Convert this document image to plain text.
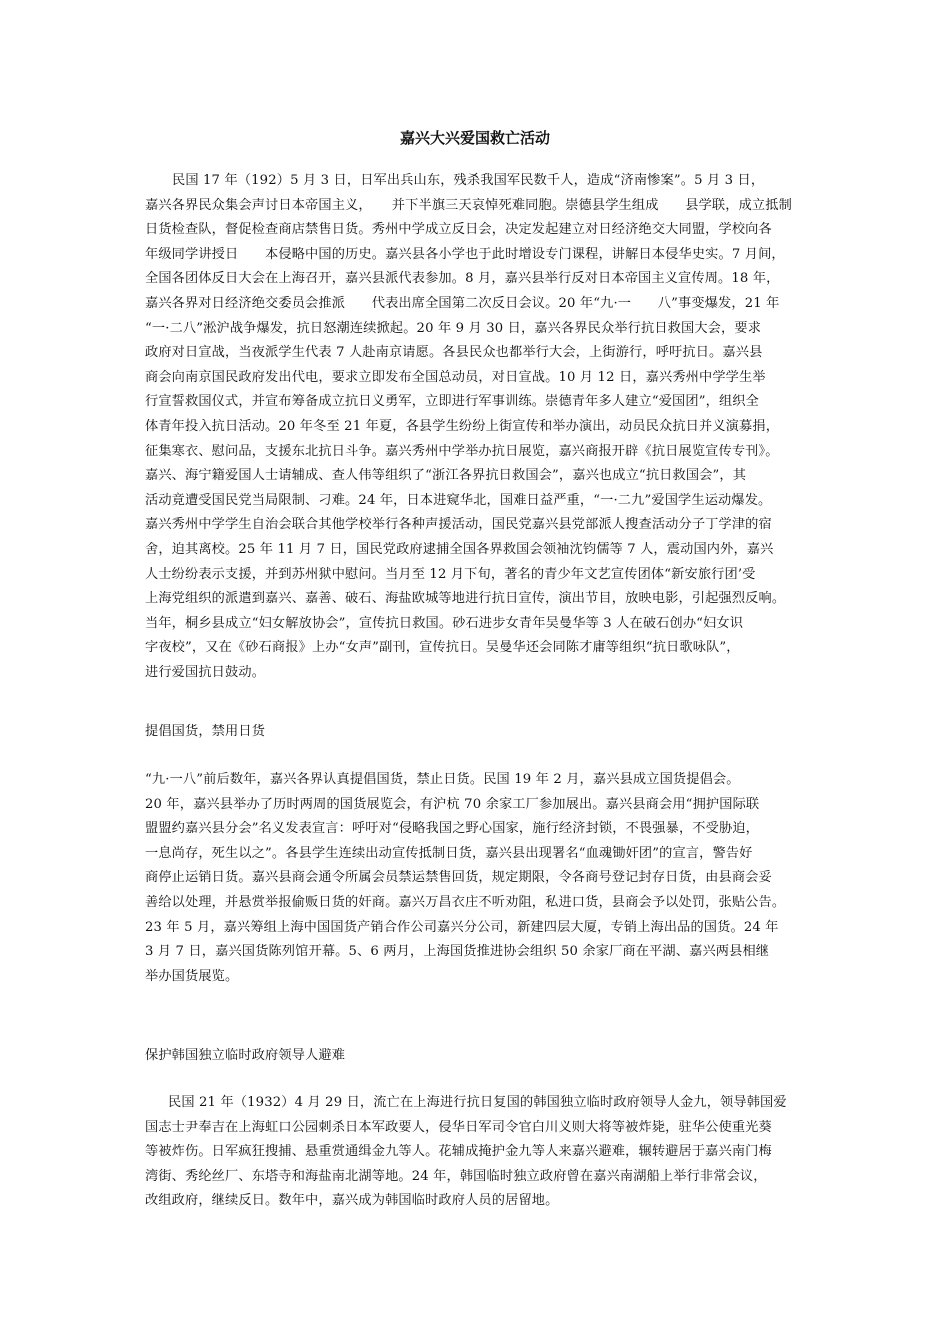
嘉兴大兴爱国救亡活动
民国 17 年（192）5 月 3 日，日军出兵山东，残杀我国军民数千人，造成“济南惨案”。5 月 3 日，
嘉兴各界民众集会声讨日本帝国主义，　　并下半旗三天哀悼死难同胞。崇德县学生组成　　县学联，成立抵制
日货检查队，督促检查商店禁售日货。秀州中学成立反日会，决定发起建立对日经济绝交大同盟，学校向各
年级同学讲授日　　本侵略中国的历史。嘉兴县各小学也于此时增设专门课程，讲解日本侵华史实。7 月间，
全国各团体反日大会在上海召开，嘉兴县派代表参加。8 月，嘉兴县举行反对日本帝国主义宣传周。18 年，
嘉兴各界对日经济绝交委员会推派　　代表出席全国第二次反日会议。20 年“九·一　　八”事变爆发，21 年
“一·二八”淞沪战争爆发，抗日怒潮连续掀起。20 年 9 月 30 日，嘉兴各界民众举行抗日救国大会，要求
政府对日宣战，当夜派学生代表 7 人赴南京请愿。各县民众也都举行大会，上街游行，呼吁抗日。嘉兴县
商会向南京国民政府发出代电，要求立即发布全国总动员，对日宣战。10 月 12 日，嘉兴秀州中学学生举
行宣誓救国仪式，并宣布筹备成立抗日义勇军，立即进行军事训练。崇德青年多人建立“爱国团”，组织全
体青年投入抗日活动。20 年冬至 21 年夏，各县学生纷纷上街宣传和举办演出，动员民众抗日并义演募捐，
征集寒衣、慰问品，支援东北抗日斗争。嘉兴秀州中学举办抗日展览，嘉兴商报开辟《抗日展览宣传专刊》。
嘉兴、海宁籍爱国人士请辅成、查人伟等组织了“浙江各界抗日救国会”，嘉兴也成立“抗日救国会”，其
活动竟遭受国民党当局限制、刁难。24 年，日本进窥华北，国难日益严重，“一·二九”爱国学生运动爆发。
嘉兴秀州中学学生自治会联合其他学校举行各种声援活动，国民党嘉兴县党部派人搜查活动分子丁学津的宿
舍，迫其离校。25 年 11 月 7 日，国民党政府逮捕全国各界救国会领袖沈钧儒等 7 人，震动国内外，嘉兴
人士纷纷表示支援，并到苏州狱中慰问。当月至 12 月下旬，著名的青少年文艺宣传团体“新安旅行团’受
上海党组织的派遣到嘉兴、嘉善、破石、海盐欧城等地进行抗日宣传，演出节目，放映电影，引起强烈反响。
当年，桐乡县成立“妇女解放协会”，宣传抗日救国。砂石进步女青年吴曼华等 3 人在破石创办“妇女识
字夜校”，又在《砂石商报》上办“女声”副刊，宣传抗日。吴曼华还会同陈才庸等组织“抗日歌咏队”，
进行爱国抗日鼓动。
提倡国货，禁用日货
“九·一八”前后数年，嘉兴各界认真提倡国货，禁止日货。民国 19 年 2 月，嘉兴县成立国货提倡会。
20 年，嘉兴县举办了历时两周的国货展览会，有沪杭 70 余家工厂参加展出。嘉兴县商会用“拥护国际联
盟盟约嘉兴县分会”名义发表宣言：呼吁对“侵略我国之野心国家，施行经济封锁，不畏强暴，不受胁迫，
一息尚存，死生以之”。各县学生连续出动宣传抵制日货，嘉兴县出现署名“血魂锄奸团”的宣言，警告好
商停止运销日货。嘉兴县商会通令所属会员禁运禁售回货，规定期限，令各商号登记封存日货，由县商会妥
善给以处理，并悬赏举报偷贩日货的奸商。嘉兴万昌衣庄不听劝阻，私进口货，县商会予以处罚，张贴公告。
23 年 5 月，嘉兴筹组上海中国国货产销合作公司嘉兴分公司，新建四层大厦，专销上海出品的国货。24 年
3 月 7 日，嘉兴国货陈列馆开幕。5、6 两月，上海国货推进协会组织 50 余家厂商在平湖、嘉兴两县相继
举办国货展览。
保护韩国独立临时政府领导人避难
民国 21 年（1932）4 月 29 日，流亡在上海进行抗日复国的韩国独立临时政府领导人金九，领导韩国爱
国志士尹奉吉在上海虹口公园刺杀日本军政要人，侵华日军司令官白川义则大将等被炸毙，驻华公使重光葵
等被炸伤。日军疯狂搜捕、悬重赏通缉金九等人。花辅成掩护金九等人来嘉兴避难，辗转避居于嘉兴南门梅
湾街、秀纶丝厂、东塔寺和海盐南北湖等地。24 年，韩国临时独立政府曾在嘉兴南湖船上举行非常会议，
改组政府，继续反日。数年中，嘉兴成为韩国临时政府人员的居留地。
